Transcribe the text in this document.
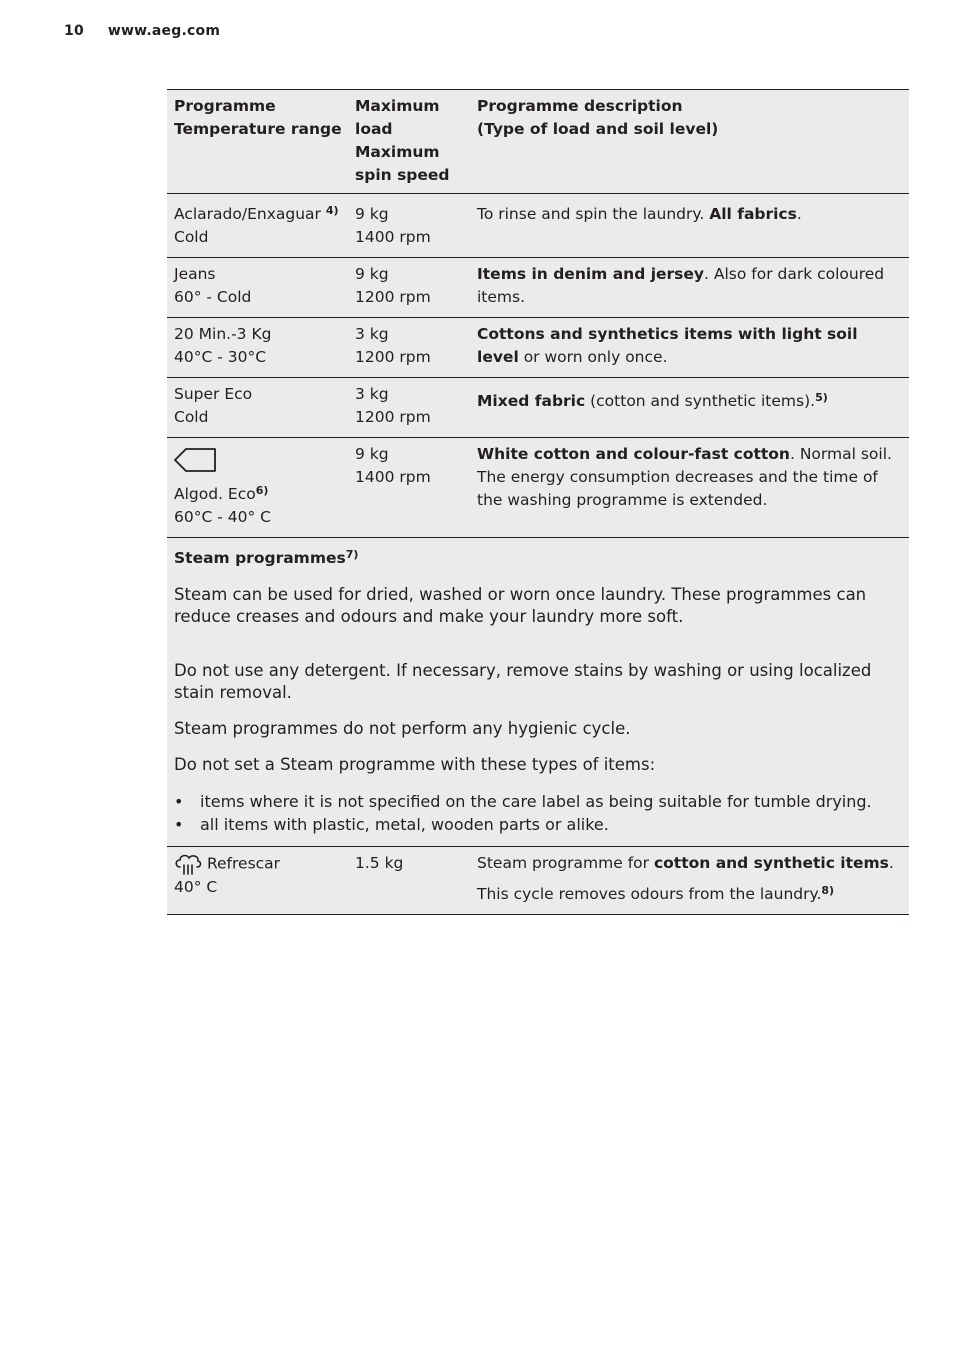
10 www.aeg.com
Programme
Temperature range
Maximum
load
Maximum
spin speed
Programme description
(Type of load and soil level)
Aclarado/Enxaguar $^{4)}$
Cold
9 kg
1400 rpm
To rinse and spin the laundry. All fabrics.
Jeans
60° - Cold
9 kg
1200 rpm
Items in denim and jersey. Also for dark coloured items.
20 Min.-3 Kg
40°C - 30°C
3 kg
1200 rpm
Cottons and synthetics items with light soil level or worn only once.
Super Eco
Cold
3 kg
1200 rpm
Mixed fabric (cotton and synthetic items).$^{5)}$
Algod. Eco$^{6)}$
60°C - 40° C
9 kg
1400 rpm
White cotton and colour-fast cotton. Normal soil. The energy consumption decreases and the time of the washing programme is extended.
Steam programmes$^{7)}$

Steam can be used for dried, washed or worn once laundry. These programmes can reduce creases and odours and make your laundry more soft.

Do not use any detergent. If necessary, remove stains by washing or using localized stain removal.

Steam programmes do not perform any hygienic cycle.

Do not set a Steam programme with these types of items:

• items where it is not specified on the care label as being suitable for tumble drying.
• all items with plastic, metal, wooden parts or alike.
Refrescar
40° C
1.5 kg	Steam programme for cotton and synthetic items.
This cycle removes odours from the laundry.$^{8)}$
